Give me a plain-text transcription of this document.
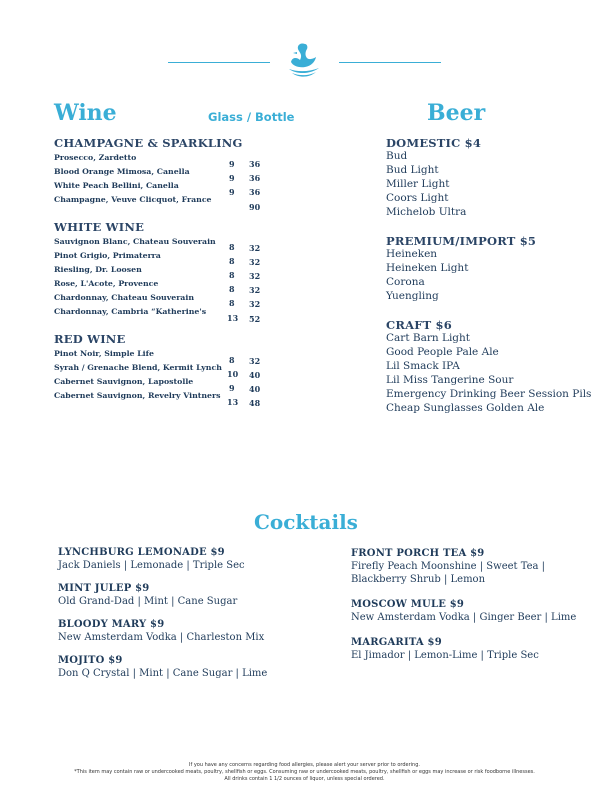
Wine	Glass / Bottle	Beer
CHAMPAGNE & SPARKLING
Prosecco, Zardetto
9 36
Blood Orange Mimosa, Canella
9 36
White Peach Bellini, Canella
9 36
Champagne, Veuve Clicquot, France
90
WHITE WINE
Sauvignon Blanc, Chateau Souverain
8 32
Pinot Grigio, Primaterra
8 32
Riesling, Dr. Loosen
8 32
Rose, L'Acote, Provence
8 32
Chardonnay, Chateau Souverain
8 32
Chardonnay, Cambria “Katherine's
13 52
RED WINE
Pinot Noir, Simple Life
8 32
Syrah / Grenache Blend, Kermit Lynch
10 40
Cabernet Sauvignon, Lapostolle
9 40
Cabernet Sauvignon, Revelry Vintners
13 48
DOMESTIC $4
Bud
Bud Light
Miller Light
Coors Light
Michelob Ultra
PREMIUM/IMPORT $5
Heineken
Heineken Light
Corona
Yuengling
CRAFT $6
Cart Barn Light
Good People Pale Ale
Lil Smack IPA
Lil Miss Tangerine Sour
Emergency Drinking Beer Session Pils
Cheap Sunglasses Golden Ale
Cocktails
LYNCHBURG LEMONADE $9
Jack Daniels | Lemonade | Triple Sec
MINT JULEP $9
Old Grand-Dad | Mint | Cane Sugar
BLOODY MARY $9
New Amsterdam Vodka | Charleston Mix
MOJITO $9
Don Q Crystal | Mint | Cane Sugar | Lime
FRONT PORCH TEA $9
Firefly Peach Moonshine | Sweet Tea |
Blackberry Shrub | Lemon
MOSCOW MULE $9
New Amsterdam Vodka | Ginger Beer | Lime
MARGARITA $9
El Jimador | Lemon-Lime | Triple Sec
If you have any concerns regarding food allergies, please alert your server prior to ordering.
*This item may contain raw or undercooked meats, poultry, shellfish or eggs. Consuming raw or undercooked meats, poultry, shellfish or eggs may increase or risk foodborne illnesses.
All drinks contain 1 1/2 ounces of liquor, unless special ordered.
